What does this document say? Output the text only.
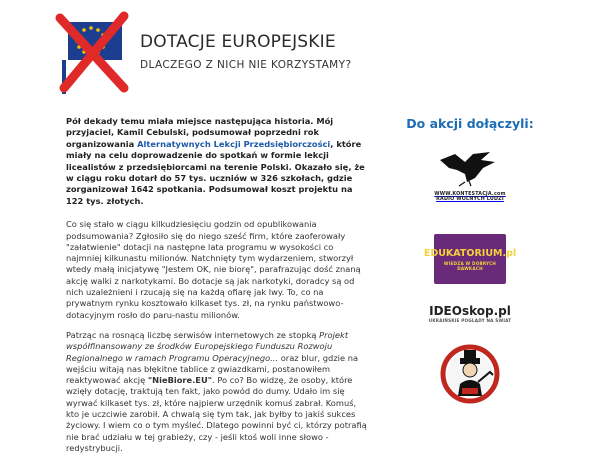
DOTACJE EUROPEJSKIE
DLACZEGO Z NICH NIE KORZYSTAMY?

Pół dekady temu miała miejsce następująca historia. Mój przyjaciel, Kamil Cebulski, podsumował poprzedni rok organizowania Alternatywnych Lekcji Przedsiębiorczości, które miały na celu doprowadzenie do spotkań w formie lekcji licealistów z przedsiębiorcami na terenie Polski. Okazało się, że w ciągu roku dotarł do 57 tys. uczniów w 326 szkołach, gdzie zorganizował 1642 spotkania. Podsumował koszt projektu na 122 tys. złotych.

Co się stało w ciągu kilkudziesięciu godzin od opublikowania podsumowania? Zgłosiło się do niego sześć firm, które zaoferowały "załatwienie" dotacji na następne lata programu w wysokości co najmniej kilkunastu milionów. Natchnięty tym wydarzeniem, stworzył wtedy małą inicjatywę "Jestem OK, nie biorę", parafrazując dość znaną akcję walki z narkotykami. Bo dotacje są jak narkotyki, doradcy są od nich uzależnieni i rzucają się na każdą ofiarę jak lwy. To, co na prywatnym rynku kosztowało kilkaset tys. zł, na rynku państwowo-dotacyjnym rosło do paru-nastu milionów.

Patrząc na rosnącą liczbę serwisów internetowych ze stopką Projekt współfinansowany ze środków Europejskiego Funduszu Rozwoju Regionalnego w ramach Programu Operacyjnego... oraz blur, gdzie na wejściu witają nas błękitne tablice z gwiazdkami, postanowiłem reaktywować akcję "NieBiore.EU". Po co? Bo widzę, że osoby, które wzięły dotację, traktują ten fakt, jako powód do dumy. Udało im się wyrwać kilkaset tys. zł, które najpierw urzędnik komuś zabrał. Komuś, kto je uczciwie zarobił. A chwalą się tym tak, jak byłby to jakiś sukces życiowy. I wiem co o tym myśleć. Dlatego powinni być ci, którzy potrafią nie brać udziału w tej grabieży, czy - jeśli ktoś woli inne słowo - redystrybucji.

Do akcji dołączyli:

WWW.KONTESTACJA.com
RADIO WOLNYCH LUDZI
EDUKATORIUM.pl
WIEDZA W DOBRYCH DAWKACH
IDEOskop.pl
UKRAIŃSKIE POGLĄDY NA ŚWIAT
